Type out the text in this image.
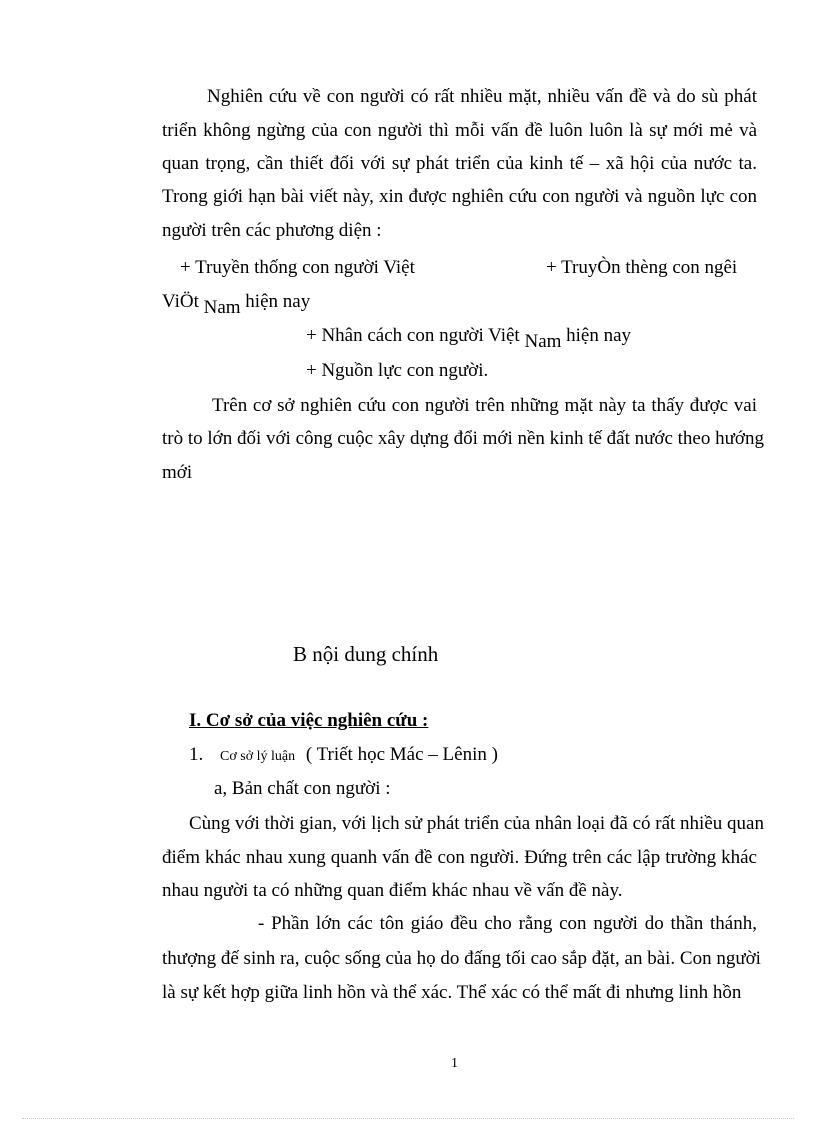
Nghiên cứu về con người có rất nhiều mặt, nhiều vấn đề và do sù phát
triển không ngừng của con người thì mỗi vấn đề luôn luôn là sự mới mẻ và
quan trọng, cần thiết đối với sự phát triển của kinh tế – xã hội của nước ta.
Trong giới hạn bài viết này, xin được nghiên cứu con người và nguồn lực con
người trên các phương diện :
+ Truyền thống con người Việt	+ TruyÒn thèng con ngêi
ViÖt Nam hiện nay
+ Nhân cách con người Việt Nam hiện nay
+ Nguồn lực con người.
Trên cơ sở nghiên cứu con người trên những mặt này ta thấy được vai
trò to lớn đối với công cuộc xây dựng đổi mới nền kinh tế đất nước theo hướng
mới
B nội dung chính
I. Cơ sở của việc nghiên cứu :
1. Cơ sở lý luận ( Triết học Mác – Lênin )
a, Bản chất con người :
Cùng với thời gian, với lịch sử phát triển của nhân loại đã có rất nhiều quan
điểm khác nhau xung quanh vấn đề con người. Đứng trên các lập trường khác
nhau người ta có những quan điểm khác nhau về vấn đề này.
- Phần lớn các tôn giáo đều cho rằng con người do thần thánh,
thượng đế sinh ra, cuộc sống của họ do đấng tối cao sắp đặt, an bài. Con người
là sự kết hợp giữa linh hồn và thể xác. Thể xác có thể mất đi nhưng linh hồn
1
